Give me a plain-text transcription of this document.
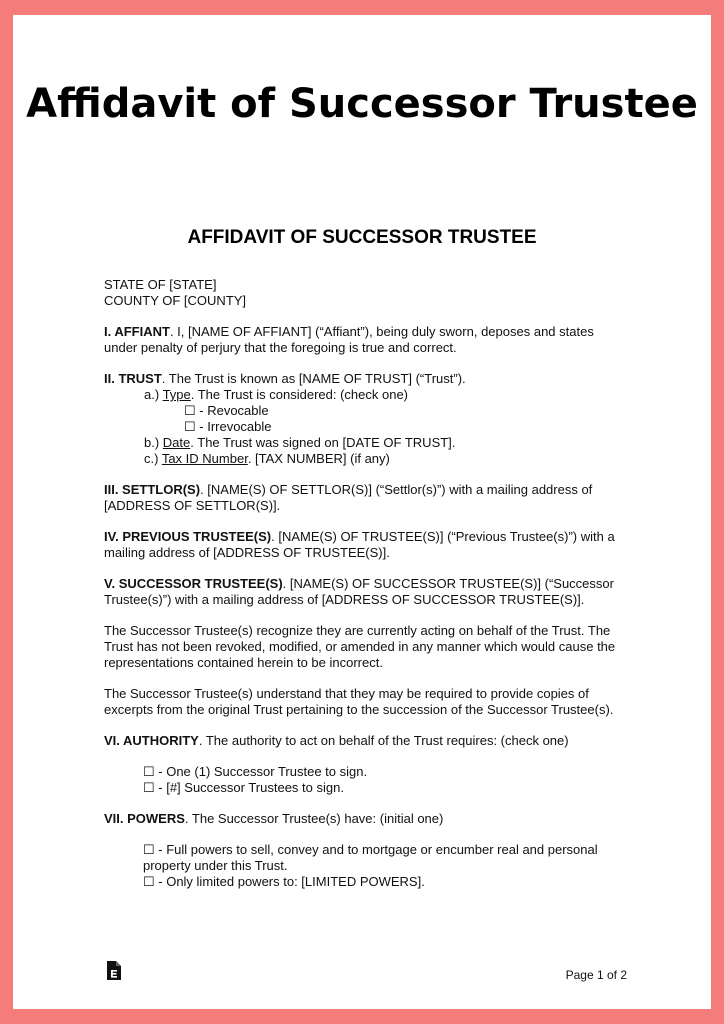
Affidavit of Successor Trustee
AFFIDAVIT OF SUCCESSOR TRUSTEE

STATE OF [STATE]

COUNTY OF [COUNTY]

I. AFFIANT. I, [NAME OF AFFIANT] (“Affiant”), being duly sworn, deposes and states under penalty of perjury that the foregoing is true and correct.

II. TRUST. The Trust is known as [NAME OF TRUST] (“Trust”).

a.) Type. The Trust is considered: (check one)

☐ - Revocable

☐ - Irrevocable

b.) Date. The Trust was signed on [DATE OF TRUST].

c.) Tax ID Number. [TAX NUMBER] (if any)

III. SETTLOR(S). [NAME(S) OF SETTLOR(S)] (“Settlor(s)”) with a mailing address of [ADDRESS OF SETTLOR(S)].

IV. PREVIOUS TRUSTEE(S). [NAME(S) OF TRUSTEE(S)] (“Previous Trustee(s)”) with a mailing address of [ADDRESS OF TRUSTEE(S)].

V. SUCCESSOR TRUSTEE(S). [NAME(S) OF SUCCESSOR TRUSTEE(S)] (“Successor Trustee(s)”) with a mailing address of [ADDRESS OF SUCCESSOR TRUSTEE(S)].

The Successor Trustee(s) recognize they are currently acting on behalf of the Trust. The Trust has not been revoked, modified, or amended in any manner which would cause the representations contained herein to be incorrect.

The Successor Trustee(s) understand that they may be required to provide copies of excerpts from the original Trust pertaining to the succession of the Successor Trustee(s).

VI. AUTHORITY. The authority to act on behalf of the Trust requires: (check one)

☐ - One (1) Successor Trustee to sign.

☐ - [#] Successor Trustees to sign.

VII. POWERS. The Successor Trustee(s) have: (initial one)

☐ - Full powers to sell, convey and to mortgage or encumber real and personal property under this Trust.

☐ - Only limited powers to: [LIMITED POWERS].

Page 1 of 2
